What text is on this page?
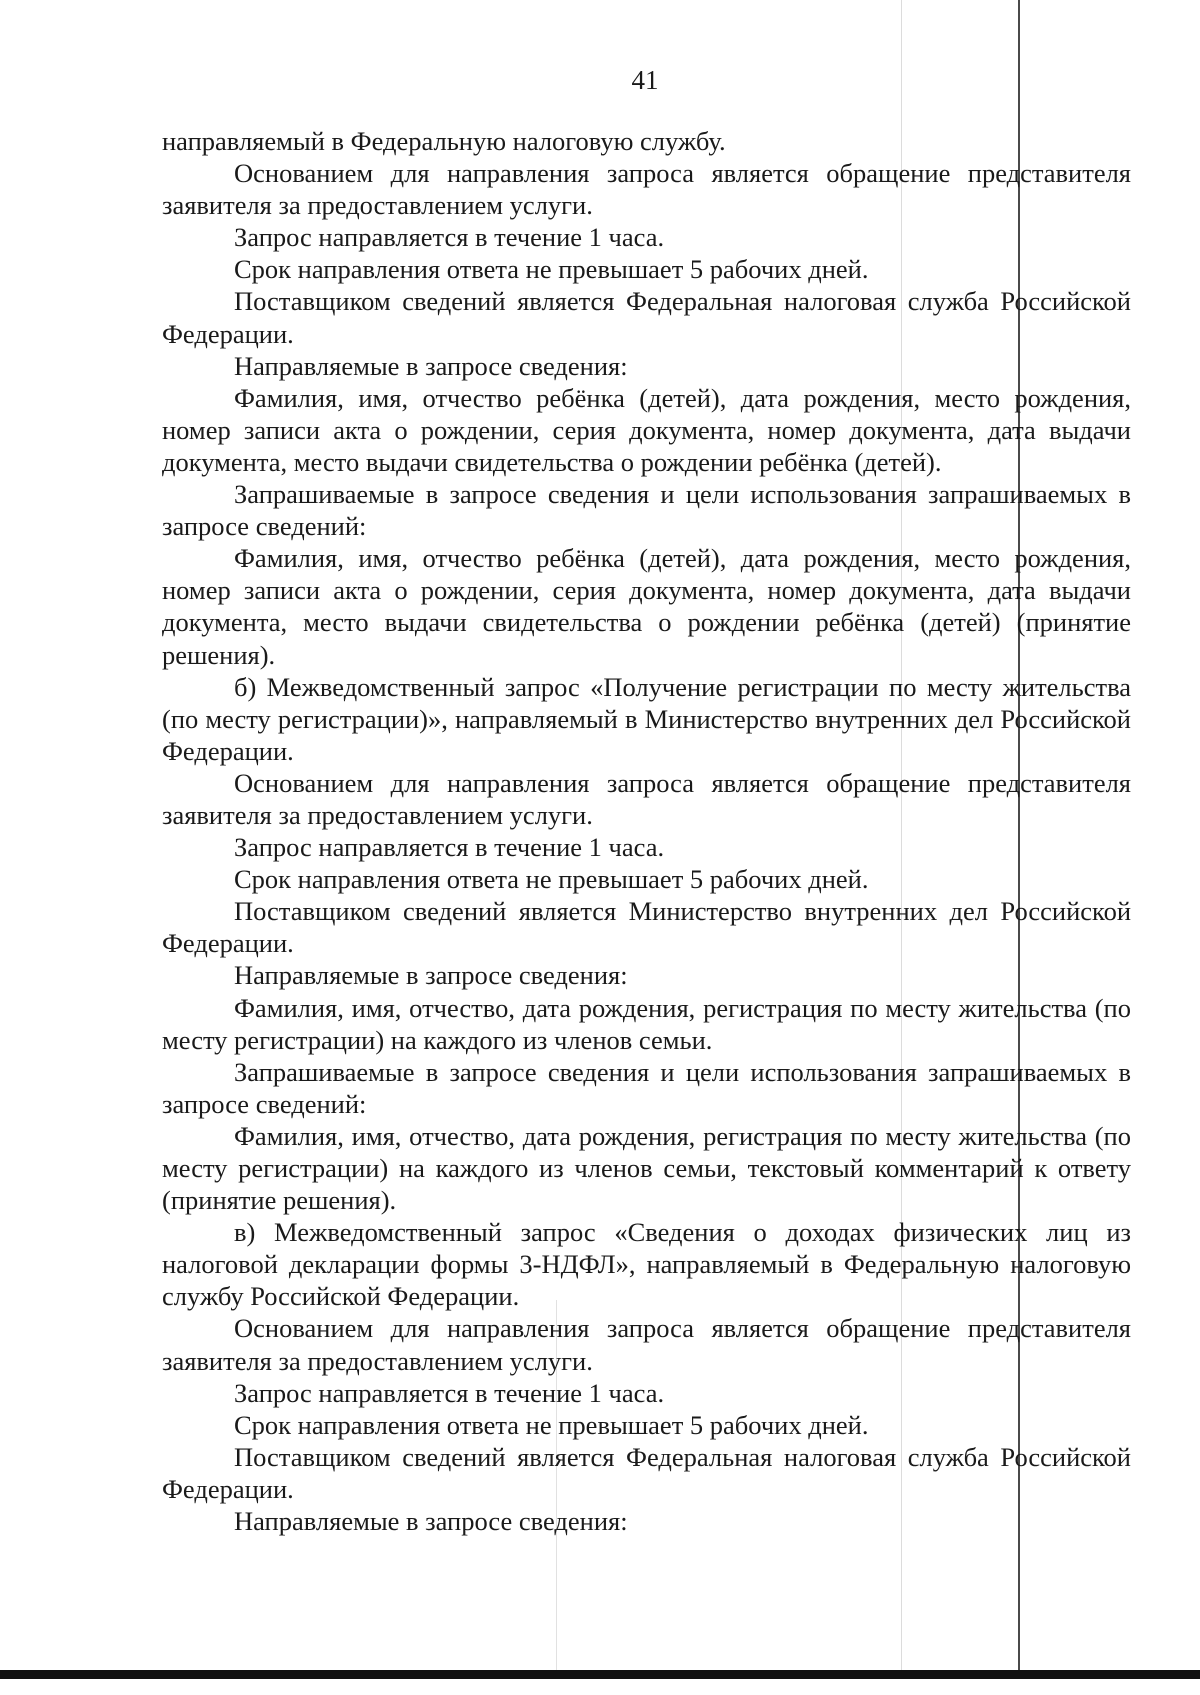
41

направляемый в Федеральную налоговую службу.

Основанием для направления запроса является обращение представителя заявителя за предоставлением услуги.

Запрос направляется в течение 1 часа.

Срок направления ответа не превышает 5 рабочих дней.

Поставщиком сведений является Федеральная налоговая служба Российской Федерации.

Направляемые в запросе сведения:

Фамилия, имя, отчество ребёнка (детей), дата рождения, место рождения, номер записи акта о рождении, серия документа, номер документа, дата выдачи документа, место выдачи свидетельства о рождении ребёнка (детей).

Запрашиваемые в запросе сведения и цели использования запрашиваемых в запросе сведений:

Фамилия, имя, отчество ребёнка (детей), дата рождения, место рождения, номер записи акта о рождении, серия документа, номер документа, дата выдачи документа, место выдачи свидетельства о рождении ребёнка (детей) (принятие решения).

б) Межведомственный запрос «Получение регистрации по месту жительства (по месту регистрации)», направляемый в Министерство внутренних дел Российской Федерации.

Основанием для направления запроса является обращение представителя заявителя за предоставлением услуги.

Запрос направляется в течение 1 часа.

Срок направления ответа не превышает 5 рабочих дней.

Поставщиком сведений является Министерство внутренних дел Российской Федерации.

Направляемые в запросе сведения:

Фамилия, имя, отчество, дата рождения, регистрация по месту жительства (по месту регистрации) на каждого из членов семьи.

Запрашиваемые в запросе сведения и цели использования запрашиваемых в запросе сведений:

Фамилия, имя, отчество, дата рождения, регистрация по месту жительства (по месту регистрации) на каждого из членов семьи, текстовый комментарий к ответу (принятие решения).

в) Межведомственный запрос «Сведения о доходах физических лиц из налоговой декларации формы 3-НДФЛ», направляемый в Федеральную налоговую службу Российской Федерации.

Основанием для направления запроса является обращение представителя заявителя за предоставлением услуги.

Запрос направляется в течение 1 часа.

Срок направления ответа не превышает 5 рабочих дней.

Поставщиком сведений является Федеральная налоговая служба Российской Федерации.

Направляемые в запросе сведения:
